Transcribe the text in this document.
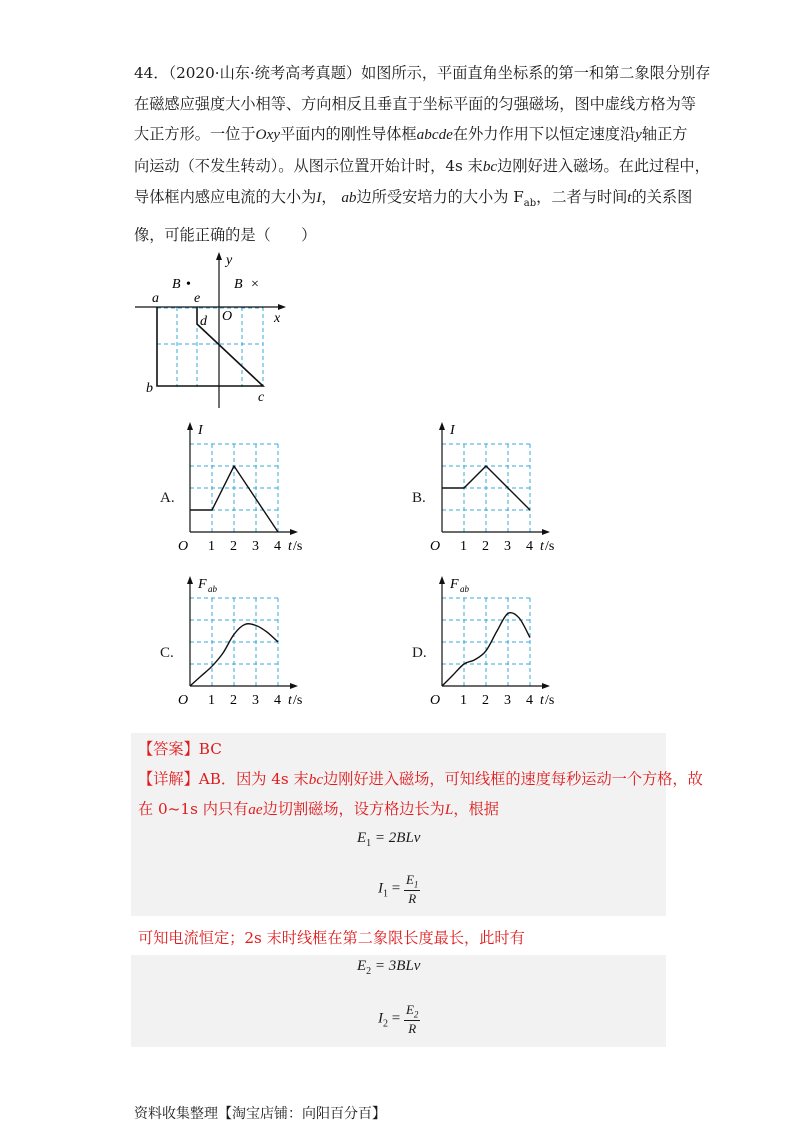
44．（2020·山东·统考高考真题）如图所示，平面直角坐标系的第一和第二象限分别存

在磁感应强度大小相等、方向相反且垂直于坐标平面的匀强磁场，图中虚线方格为等

大正方形。一位于Oxy平面内的刚性导体框abcde在外力作用下以恒定速度沿y轴正方

向运动（不发生转动）。从图示位置开始计时，4s 末bc边刚好进入磁场。在此过程中，

导体框内感应电流的大小为I， ab边所受安培力的大小为 $F_{ab}$，二者与时间t的关系图

像，可能正确的是（　　）

a	e
d
b
c
O	x
y
B •	B ×
A.	B.
C.	D.
I
O 1 2 3 4 t /s
I
O 1 2 3 4 t /s
F ab
O 1 2 3 4 t /s
F ab
O 1 2 3 4 t /s
【答案】BC
【详解】AB．因为 4s 末bc边刚好进入磁场，可知线框的速度每秒运动一个方格，故
在 0~1s 内只有ae边切割磁场，设方格边长为L，根据
$E_1 = 2BLv$
$I_1 = \frac{E_1}{R}$
可知电流恒定；2s 末时线框在第二象限长度最长，此时有
$E_2 = 3BLv$
$I_2 = \frac{E_2}{R}$
资料收集整理【淘宝店铺：向阳百分百】
